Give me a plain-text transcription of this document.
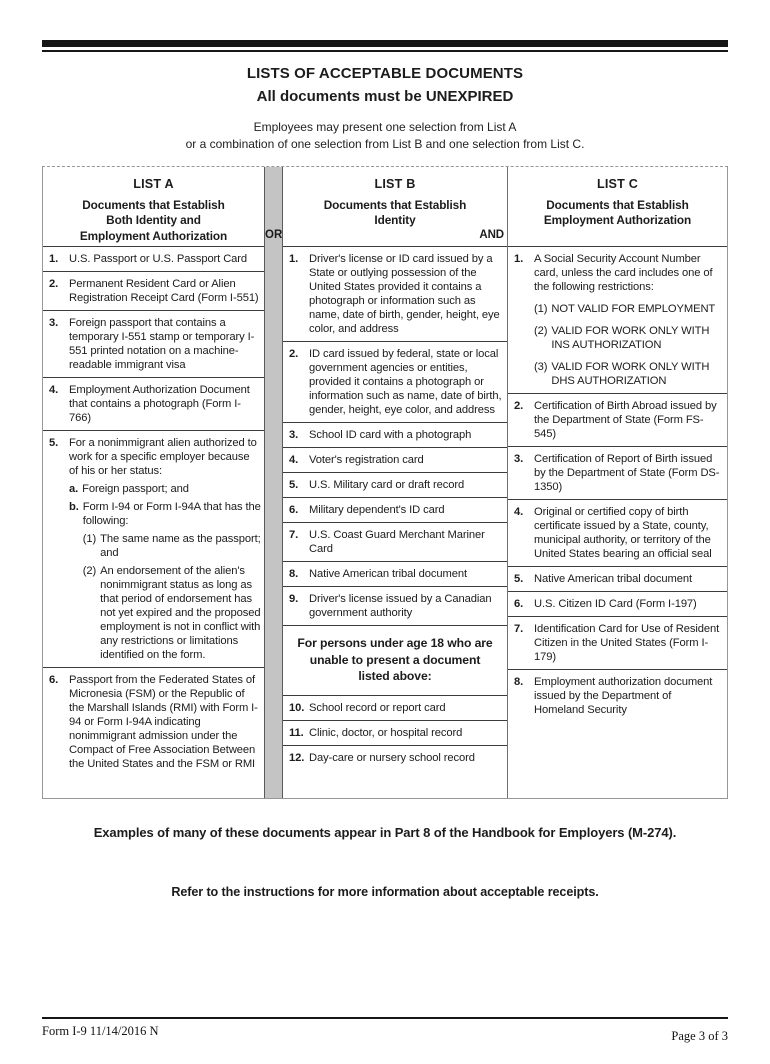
LISTS OF ACCEPTABLE DOCUMENTS
All documents must be UNEXPIRED
Employees may present one selection from List A
or a combination of one selection from List B and one selection from List C.
LIST A
Documents that Establish
Both Identity and
Employment Authorization
1. U.S. Passport or U.S. Passport Card
2. Permanent Resident Card or Alien Registration Receipt Card (Form I-551)
3. Foreign passport that contains a temporary I-551 stamp or temporary I-551 printed notation on a machine-readable immigrant visa
4. Employment Authorization Document that contains a photograph (Form I-766)
5. For a nonimmigrant alien authorized to work for a specific employer because of his or her status:
a. Foreign passport; and
b. Form I-94 or Form I-94A that has the following:
(1) The same name as the passport; and
(2) An endorsement of the alien's nonimmigrant status as long as that period of endorsement has not yet expired and the proposed employment is not in conflict with any restrictions or limitations identified on the form.
6. Passport from the Federated States of Micronesia (FSM) or the Republic of the Marshall Islands (RMI) with Form I-94 or Form I-94A indicating nonimmigrant admission under the Compact of Free Association Between the United States and the FSM or RMI
OR	AND
LIST B
Documents that Establish
Identity
1. Driver's license or ID card issued by a State or outlying possession of the United States provided it contains a photograph or information such as name, date of birth, gender, height, eye color, and address
2. ID card issued by federal, state or local government agencies or entities, provided it contains a photograph or information such as name, date of birth, gender, height, eye color, and address
3. School ID card with a photograph
4. Voter's registration card
5. U.S. Military card or draft record
6. Military dependent's ID card
7. U.S. Coast Guard Merchant Mariner Card
8. Native American tribal document
9. Driver's license issued by a Canadian government authority
For persons under age 18 who are unable to present a document listed above:
10. School record or report card
11. Clinic, doctor, or hospital record
12. Day-care or nursery school record
LIST C
Documents that Establish
Employment Authorization
1. A Social Security Account Number card, unless the card includes one of the following restrictions:
(1) NOT VALID FOR EMPLOYMENT
(2) VALID FOR WORK ONLY WITH INS AUTHORIZATION
(3) VALID FOR WORK ONLY WITH DHS AUTHORIZATION
2. Certification of Birth Abroad issued by the Department of State (Form FS-545)
3. Certification of Report of Birth issued by the Department of State (Form DS-1350)
4. Original or certified copy of birth certificate issued by a State, county, municipal authority, or territory of the United States bearing an official seal
5. Native American tribal document
6. U.S. Citizen ID Card (Form I-197)
7. Identification Card for Use of Resident Citizen in the United States (Form I-179)
8. Employment authorization document issued by the Department of Homeland Security
Examples of many of these documents appear in Part 8 of the Handbook for Employers (M-274).
Refer to the instructions for more information about acceptable receipts.
Form I-9 11/14/2016 N	Page 3 of 3
